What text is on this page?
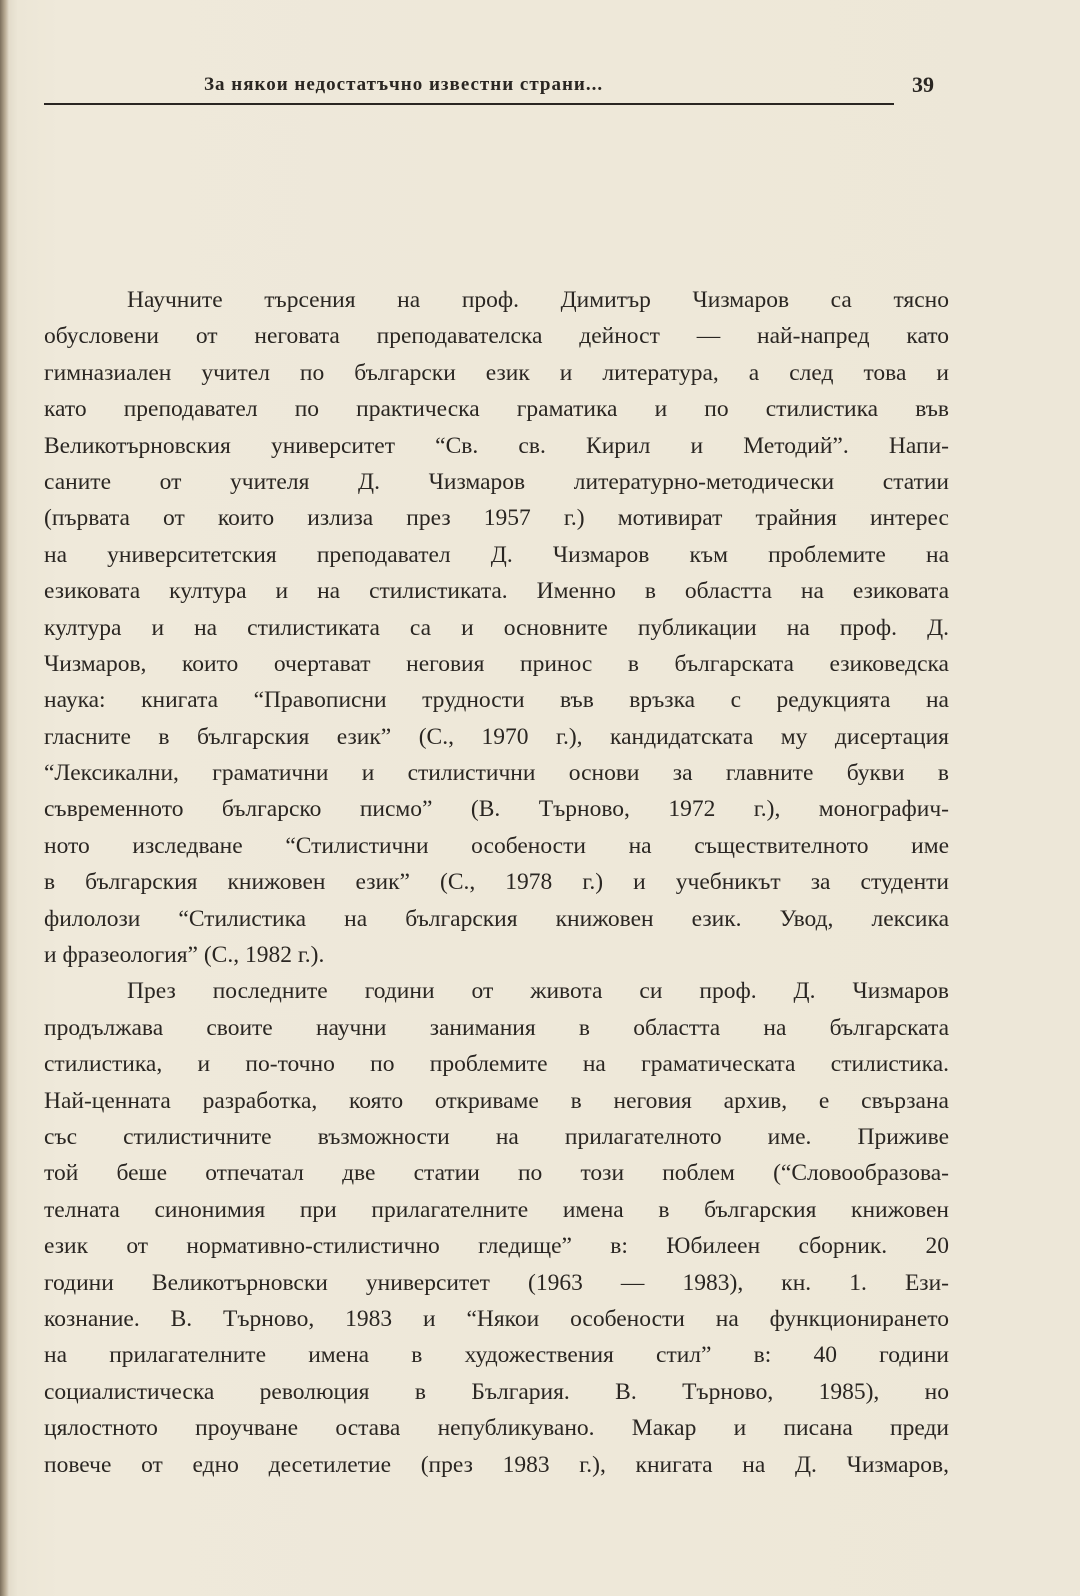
За някои недостатъчно известни страни...	39
Научните търсения на проф. Димитър Чизмаров са тясно
обусловени от неговата преподавателска дейност — най-напред като
гимназиален учител по български език и литература, а след това и
като преподавател по практическа граматика и по стилистика във
Великотърновския университет “Св. св. Кирил и Методий”. Напи-
саните от учителя Д. Чизмаров литературно-методически статии
(първата от които излиза през 1957 г.) мотивират трайния интерес
на университетския преподавател Д. Чизмаров към проблемите на
езиковата култура и на стилистиката. Именно в областта на езиковата
култура и на стилистиката са и основните публикации на проф. Д.
Чизмаров, които очертават неговия принос в българската езиковедска
наука: книгата “Правописни трудности във връзка с редукцията на
гласните в българския език” (С., 1970 г.), кандидатската му дисертация
“Лексикални, граматични и стилистични основи за главните букви в
съвременното българско писмо” (В. Търново, 1972 г.), монографич-
ното изследване “Стилистични особености на съществителното име
в българския книжовен език” (С., 1978 г.) и учебникът за студенти
филолози “Стилистика на българския книжовен език. Увод, лексика
и фразеология” (С., 1982 г.).
През последните години от живота си проф. Д. Чизмаров
продължава своите научни занимания в областта на българската
стилистика, и по-точно по проблемите на граматическата стилистика.
Най-ценната разработка, която откриваме в неговия архив, е свързана
със стилистичните възможности на прилагателното име. Приживе
той беше отпечатал две статии по този поблем (“Словообразова-
телната синонимия при прилагателните имена в българския книжовен
език от нормативно-стилистично гледище” в: Юбилеен сборник. 20
години Великотърновски университет (1963 — 1983), кн. 1. Ези-
кознание. В. Търново, 1983 и “Някои особености на функционирането
на прилагателните имена в художествения стил” в: 40 години
социалистическа революция в България. В. Търново, 1985), но
цялостното проучване остава непубликувано. Макар и писана преди
повече от едно десетилетие (през 1983 г.), книгата на Д. Чизмаров,
